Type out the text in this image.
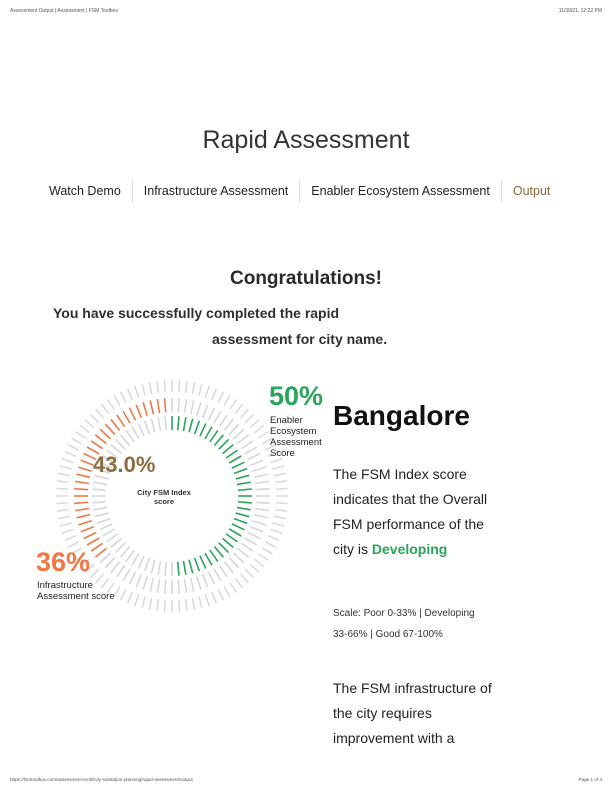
Assessment Output | Assessment | FSM Toolbox	11/30/21, 12:22 PM
Rapid Assessment
Watch Demo	Infrastructure Assessment	Enabler Ecosystem Assessment	Output
Congratulations!
You have successfully completed the rapid
assessment for city name.
50%
Enabler Ecosystem Assessment Score
43.0%
City FSM Index score
36%
Infrastructure Assessment score
Bangalore

The FSM Index score indicates that the Overall FSM performance of the city is Developing

Scale: Poor 0-33% | Developing 33-66% | Good 67-100%

The FSM infrastructure of the city requires improvement with a

https://fsmtoolbox.com/assessment-tools/city-sanitation-planning/rapid-assessment/output	Page 1 of 4
